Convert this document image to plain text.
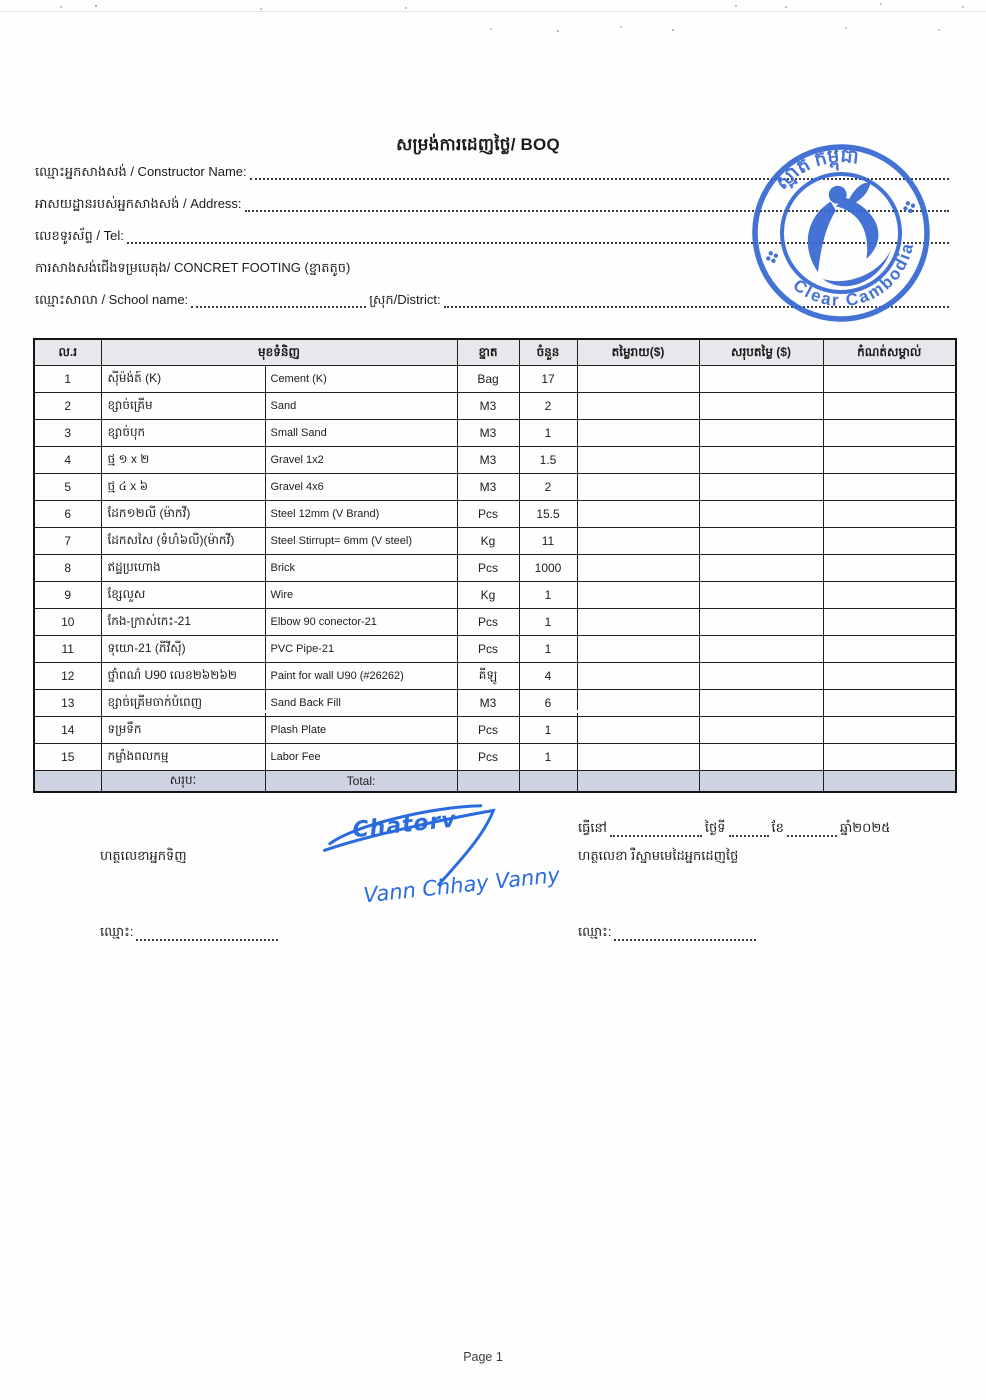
សម្រង់ការដេញថ្លៃ/ BOQ
ឈ្មោះអ្នកសាងសង់ / Constructor Name:
អាសយដ្ឋានរបស់អ្នកសាងសង់ / Address:
លេខទូរស័ព្ទ / Tel:
ការសាងសង់ជើងទម្របេតុង/ CONCRET FOOTING (ខ្នាតតូច)
ឈ្មោះសាលា / School name:	ស្រុក/District:
ស្អាត កម្ពុជា
Clear Cambodia
ល.រ	មុខទំនិញ		ខ្នាត	ចំនួន	តម្លៃរាយ($)	សរុបតម្លៃ ($)	កំណត់សម្គាល់
1	ស៊ីម៉ង់ត៍ (K)	Cement (K)	Bag	17			
2	ខ្សាច់គ្រើម	Sand	M3	2			
3	ខ្សាច់បុក	Small Sand	M3	1			
4	ថ្ម ១ x ២	Gravel 1x2	M3	1.5			
5	ថ្ម ៤ x ៦	Gravel 4x6	M3	2			
6	ដែក១២លី (ម៉ាកវី)	Steel 12mm (V Brand)	Pcs	15.5			
7	ដែកសសៃ (ទំហំ៦លី)(ម៉ាកវី)	Steel Stirrupt= 6mm (V steel)	Kg	11			
8	ឥដ្ឋប្រហោង	Brick	Pcs	1000			
9	ខ្សែលួស	Wire	Kg	1			
10	កែង-ក្រាស់កេះ-21	Elbow 90 conector-21	Pcs	1			
11	ទុយោ-21 (ភីវីស៊ី)	PVC Pipe-21	Pcs	1			
12	ថ្នាំពណ៌ U90 លេខ២៦២៦២	Paint for wall U90 (#26262)	គីឡូ	4			
13	ខ្សាច់គ្រើមចាក់បំពេញ	Sand Back Fill	M3	6			
14	ទម្រទឹក	Plash Plate	Pcs	1			
15	កម្លាំងពលកម្ម	Labor Fee	Pcs	1			
	សរុបៈ	Total:					
ហត្ថលេខាអ្នកទិញ
Chatorv
Vann Chhay Vanny
ធ្វើនៅ	ថ្ងៃទី	ខែ	ឆ្នាំ២០២៥
ហត្ថលេខា រឺស្នាមមេដៃអ្នកដេញថ្លៃ
ឈ្មោះ:	ឈ្មោះ:
Page 1
